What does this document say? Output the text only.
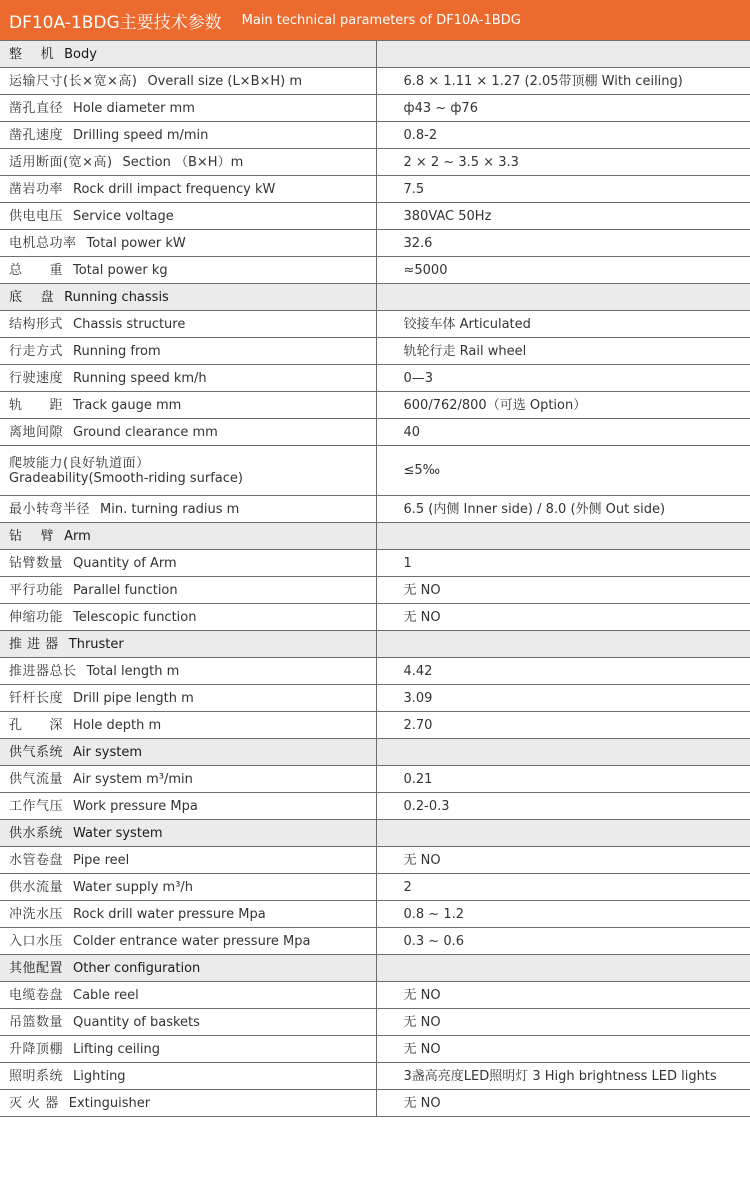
DF10A-1BDG主要技术参数 Main technical parameters of DF10A-1BDG
整　 机 Body	
运输尺寸(长×宽×高) Overall size (L×B×H) m	6.8 × 1.11 × 1.27 (2.05带顶棚 With ceiling)
凿孔直径 Hole diameter mm	ф43 ~ ф76
凿孔速度 Drilling speed m/min	0.8-2
适用断面(宽×高) Section （B×H）m	2 × 2 ~ 3.5 × 3.3
凿岩功率 Rock drill impact frequency kW	7.5
供电电压 Service voltage	380VAC 50Hz
电机总功率 Total power kW	32.6
总　　重 Total power kg	≈5000
底　 盘 Running chassis	
结构形式 Chassis structure	铰接车体 Articulated
行走方式 Running from	轨轮行走 Rail wheel
行驶速度 Running speed km/h	0—3
轨　　距 Track gauge mm	600/762/800（可选 Option）
离地间隙 Ground clearance mm	40

爬坡能力(良好轨道面）
Gradeability(Smooth-riding surface)	≤5‰
最小转弯半径 Min. turning radius m	6.5 (内侧 Inner side) / 8.0 (外侧 Out side)
钻　 臂 Arm	
钻臂数量 Quantity of Arm	1
平行功能 Parallel function	无 NO
伸缩功能 Telescopic function	无 NO
推 进 器 Thruster	
推进器总长 Total length m	4.42
钎杆长度 Drill pipe length m	3.09
孔　　深 Hole depth m	2.70
供气系统 Air system	
供气流量 Air system m³/min	0.21
工作气压 Work pressure Mpa	0.2-0.3
供水系统 Water system	
水管卷盘 Pipe reel	无 NO
供水流量 Water supply m³/h	2
冲洗水压 Rock drill water pressure Mpa	0.8 ~ 1.2
入口水压 Colder entrance water pressure Mpa	0.3 ~ 0.6
其他配置 Other configuration	
电缆卷盘 Cable reel	无 NO
吊篮数量 Quantity of baskets	无 NO
升降顶棚 Lifting ceiling	无 NO
照明系统 Lighting	3盏高亮度LED照明灯 3 High brightness LED lights
灭 火 器 Extinguisher	无 NO
